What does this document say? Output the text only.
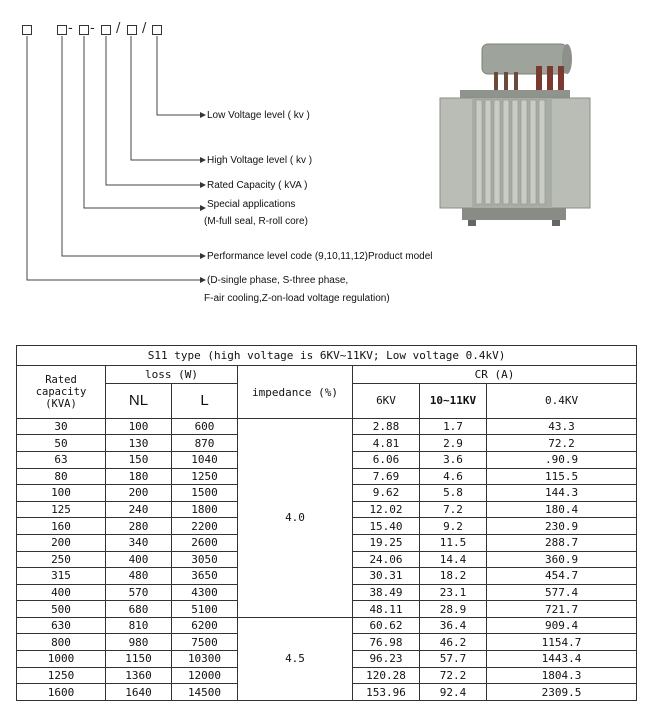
- - / /
Low Voltage level ( kv )
High Voltage level ( kv )
Rated Capacity ( kVA )
Special applications
(M-full seal, R-roll core)
Performance level code (9,10,11,12)Product model
(D-single phase, S-three phase,
F-air cooling,Z-on-load voltage regulation)
S11 type (high voltage is 6KV~11KV; Low voltage 0.4kV)						
Rated capacity (KVA)	loss (W)		impedance (%)	CR (A)		
	NL	L		6KV	10~11KV	0.4KV
30	100	600	4.0	2.88	1.7	43.3
50	130	870		4.81	2.9	72.2
63	150	1040		6.06	3.6	.90.9
80	180	1250		7.69	4.6	115.5
100	200	1500		9.62	5.8	144.3
125	240	1800		12.02	7.2	180.4
160	280	2200		15.40	9.2	230.9
200	340	2600		19.25	11.5	288.7
250	400	3050		24.06	14.4	360.9
315	480	3650		30.31	18.2	454.7
400	570	4300		38.49	23.1	577.4
500	680	5100		48.11	28.9	721.7
630	810	6200	4.5	60.62	36.4	909.4
800	980	7500		76.98	46.2	1154.7
1000	1150	10300		96.23	57.7	1443.4
1250	1360	12000		120.28	72.2	1804.3
1600	1640	14500		153.96	92.4	2309.5
